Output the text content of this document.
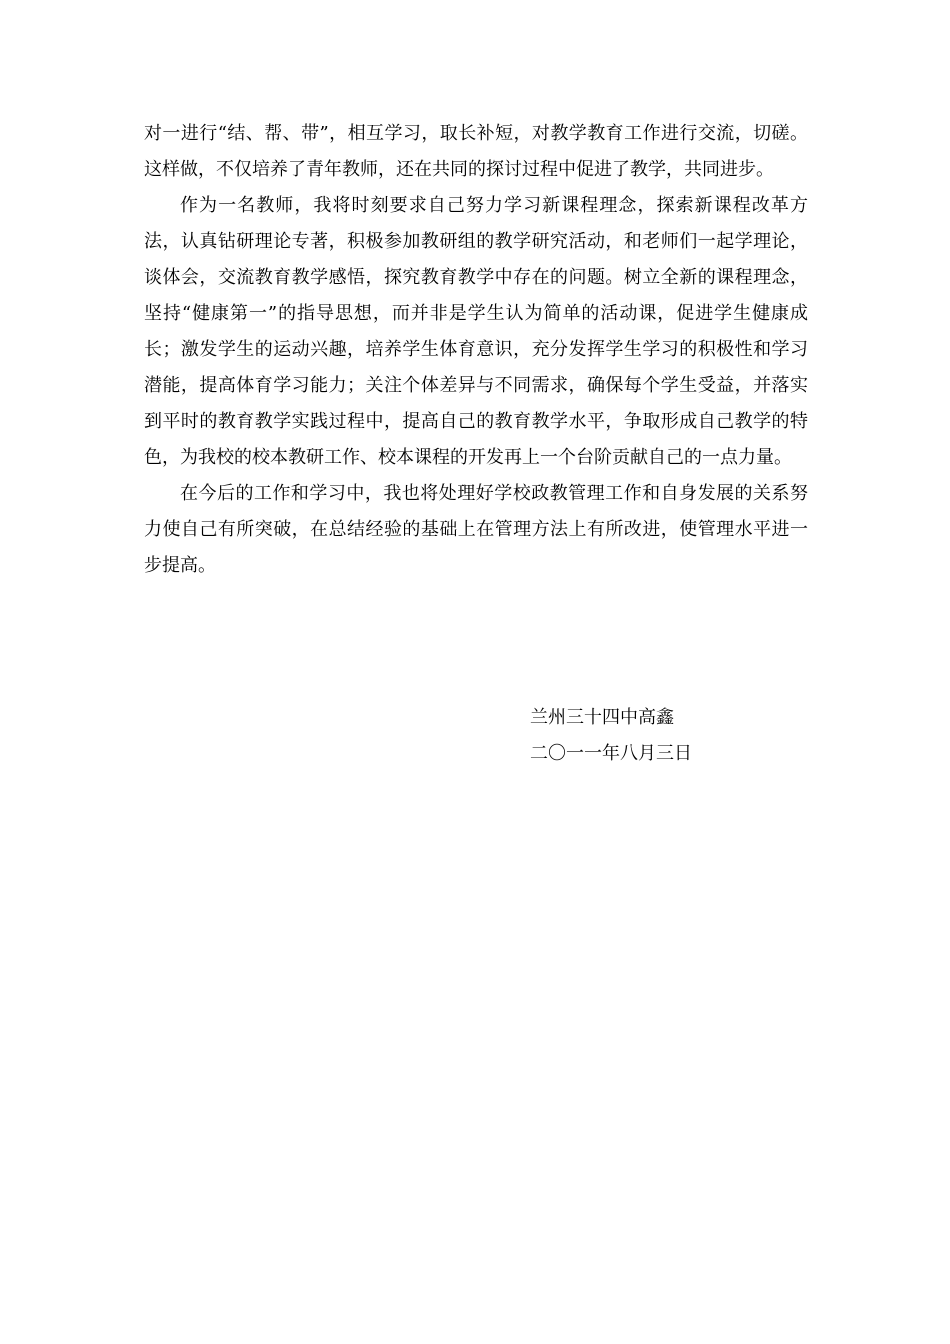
对一进行“结、帮、带”，相互学习，取长补短，对教学教育工作进行交流，切磋。这样做，不仅培养了青年教师，还在共同的探讨过程中促进了教学，共同进步。

作为一名教师，我将时刻要求自己努力学习新课程理念，探索新课程改革方法，认真钻研理论专著，积极参加教研组的教学研究活动，和老师们一起学理论，谈体会，交流教育教学感悟，探究教育教学中存在的问题。树立全新的课程理念，坚持“健康第一”的指导思想，而并非是学生认为简单的活动课，促进学生健康成长；激发学生的运动兴趣，培养学生体育意识，充分发挥学生学习的积极性和学习潜能，提高体育学习能力；关注个体差异与不同需求，确保每个学生受益，并落实到平时的教育教学实践过程中，提高自己的教育教学水平，争取形成自己教学的特色，为我校的校本教研工作、校本课程的开发再上一个台阶贡献自己的一点力量。

在今后的工作和学习中，我也将处理好学校政教管理工作和自身发展的关系努力使自己有所突破，在总结经验的基础上在管理方法上有所改进，使管理水平进一步提高。

兰州三十四中高鑫

二〇一一年八月三日
